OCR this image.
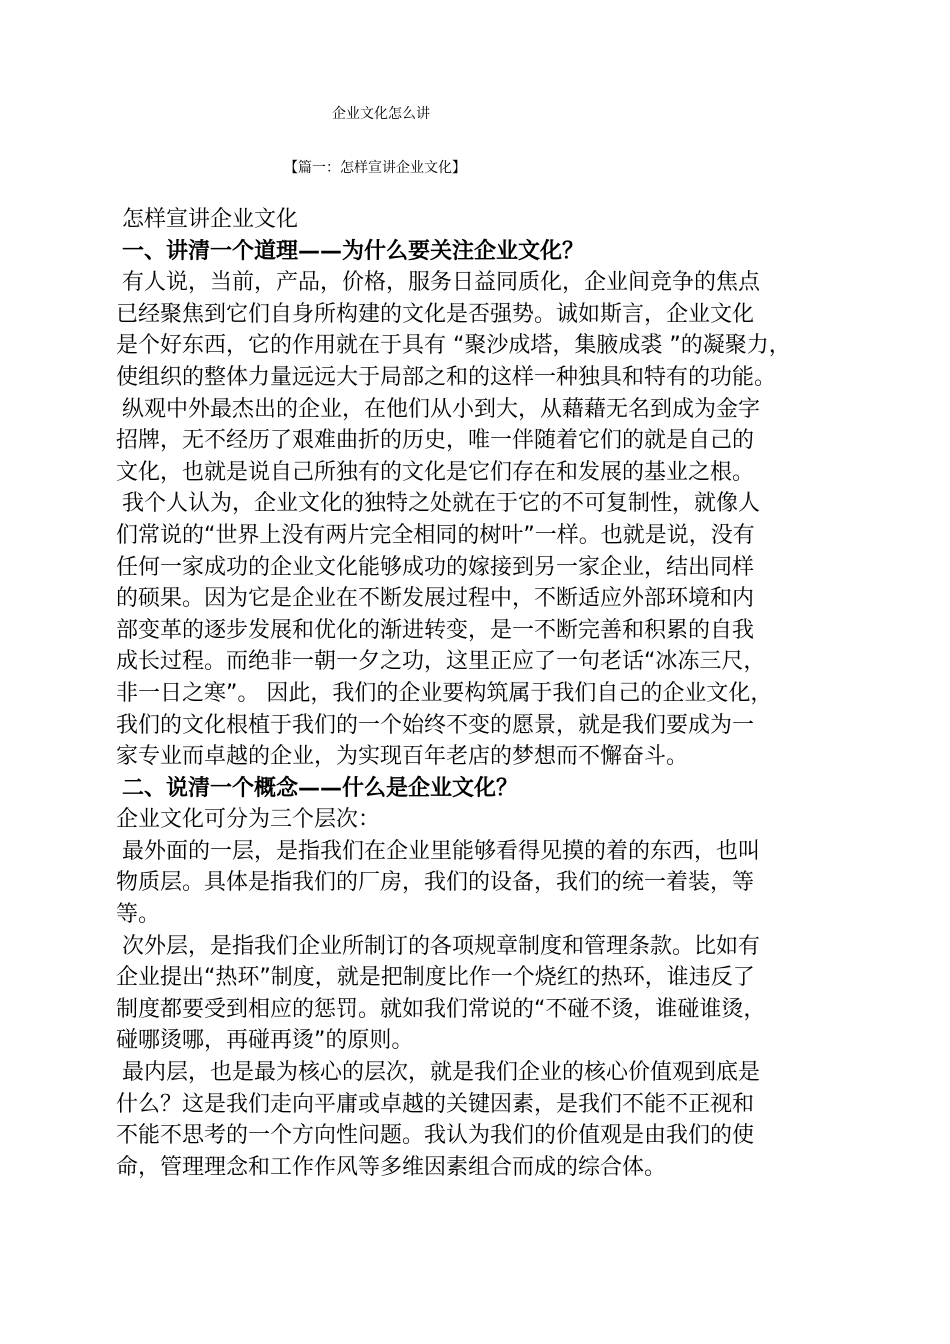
企业文化怎么讲
【篇一：怎样宣讲企业文化】
怎样宣讲企业文化
一、讲清一个道理——为什么要关注企业文化？
有人说，当前，产品，价格，服务日益同质化，企业间竞争的焦点
已经聚焦到它们自身所构建的文化是否强势。诚如斯言，企业文化
是个好东西，它的作用就在于具有 “聚沙成塔，集腋成裘 ”的凝聚力，
使组织的整体力量远远大于局部之和的这样一种独具和特有的功能。
纵观中外最杰出的企业，在他们从小到大，从藉藉无名到成为金字
招牌，无不经历了艰难曲折的历史，唯一伴随着它们的就是自己的
文化，也就是说自己所独有的文化是它们存在和发展的基业之根。
我个人认为，企业文化的独特之处就在于它的不可复制性，就像人
们常说的“世界上没有两片完全相同的树叶”一样。也就是说，没有
任何一家成功的企业文化能够成功的嫁接到另一家企业，结出同样
的硕果。因为它是企业在不断发展过程中，不断适应外部环境和内
部变革的逐步发展和优化的渐进转变，是一不断完善和积累的自我
成长过程。而绝非一朝一夕之功，这里正应了一句老话“冰冻三尺，
非一日之寒”。 因此，我们的企业要构筑属于我们自己的企业文化，
我们的文化根植于我们的一个始终不变的愿景，就是我们要成为一
家专业而卓越的企业，为实现百年老店的梦想而不懈奋斗。
二、说清一个概念——什么是企业文化？
企业文化可分为三个层次：
最外面的一层，是指我们在企业里能够看得见摸的着的东西，也叫
物质层。具体是指我们的厂房，我们的设备，我们的统一着装，等
等。
次外层，是指我们企业所制订的各项规章制度和管理条款。比如有
企业提出“热环”制度，就是把制度比作一个烧红的热环，谁违反了
制度都要受到相应的惩罚。就如我们常说的“不碰不烫，谁碰谁烫，
碰哪烫哪，再碰再烫”的原则。
最内层，也是最为核心的层次，就是我们企业的核心价值观到底是
什么？这是我们走向平庸或卓越的关键因素，是我们不能不正视和
不能不思考的一个方向性问题。我认为我们的价值观是由我们的使
命，管理理念和工作作风等多维因素组合而成的综合体。
